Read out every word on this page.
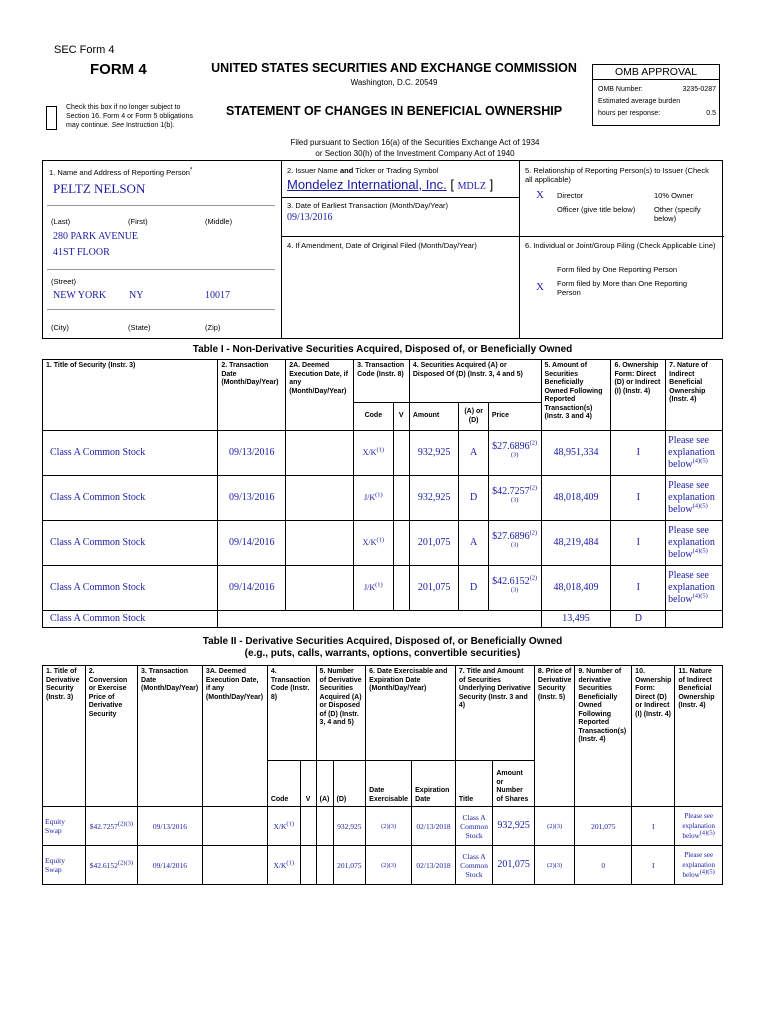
SEC Form 4
FORM 4	UNITED STATES SECURITIES AND EXCHANGE COMMISSION
Washington, D.C. 20549
Check this box if no longer subject to Section 16. Form 4 or Form 5 obligations may continue. See Instruction 1(b).
STATEMENT OF CHANGES IN BENEFICIAL OWNERSHIP
Filed pursuant to Section 16(a) of the Securities Exchange Act of 1934
or Section 30(h) of the Investment Company Act of 1940
OMB APPROVAL
OMB Number:	3235-0287
Estimated average burden
hours per response:	0.5
1. Name and Address of Reporting Person*
PELTZ NELSON
(Last)	(First)	(Middle)
280 PARK AVENUE
41ST FLOOR
(Street)
NEW YORK NY	10017
(City)	(State)	(Zip)
2. Issuer Name and Ticker or Trading Symbol
Mondelez International, Inc. [ MDLZ ]
3. Date of Earliest Transaction (Month/Day/Year)
09/13/2016
4. If Amendment, Date of Original Filed (Month/Day/Year)
5. Relationship of Reporting Person(s) to Issuer (Check all applicable)
X Director	10% Owner
Officer (give title below)	Other (specify below)
6. Individual or Joint/Group Filing (Check Applicable Line)
Form filed by One Reporting Person
X Form filed by More than One Reporting Person
Table I - Non-Derivative Securities Acquired, Disposed of, or Beneficially Owned
1. Title of Security (Instr. 3)	2. Transaction Date (Month/Day/Year)	2A. Deemed Execution Date, if any (Month/Day/Year)	3. Transaction Code (Instr. 8)		4. Securities Acquired (A) or Disposed Of (D) (Instr. 3, 4 and 5)			5. Amount of Securities Beneficially Owned Following Reported Transaction(s) (Instr. 3 and 4)	6. Ownership Form: Direct (D) or Indirect (I) (Instr. 4)	7. Nature of Indirect Beneficial Ownership (Instr. 4)
			Code	V	Amount	(A) or (D)	Price			
Class A Common Stock	09/13/2016		$X/K^{(1)}$		932,925	A	$\$27.6896^{(2)(3)}$	48,951,334	I	Please see explanation below$^{(4)(5)}$
Class A Common Stock	09/13/2016		$J/K^{(1)}$		932,925	D	$\$42.7257^{(2)(3)}$	48,018,409	I	Please see explanation below$^{(4)(5)}$
Class A Common Stock	09/14/2016		$X/K^{(1)}$		201,075	A	$\$27.6896^{(2)(3)}$	48,219,484	I	Please see explanation below$^{(4)(5)}$
Class A Common Stock	09/14/2016		$J/K^{(1)}$		201,075	D	$\$42.6152^{(2)(3)}$	48,018,409	I	Please see explanation below$^{(4)(5)}$
Class A Common Stock								13,495	D	
Table II - Derivative Securities Acquired, Disposed of, or Beneficially Owned
(e.g., puts, calls, warrants, options, convertible securities)
1. Title of Derivative Security (Instr. 3)	2. Conversion or Exercise Price of Derivative Security	3. Transaction Date (Month/Day/Year)	3A. Deemed Execution Date, if any (Month/Day/Year)	4. Transaction Code (Instr. 8)		5. Number of Derivative Securities Acquired (A) or Disposed of (D) (Instr. 3, 4 and 5)		6. Date Exercisable and Expiration Date (Month/Day/Year)		7. Title and Amount of Securities Underlying Derivative Security (Instr. 3 and 4)		8. Price of Derivative Security (Instr. 5)	9. Number of derivative Securities Beneficially Owned Following Reported Transaction(s) (Instr. 4)	10. Ownership Form: Direct (D) or Indirect (I) (Instr. 4)	11. Nature of Indirect Beneficial Ownership (Instr. 4)
				Code	V	(A)	(D)	Date Exercisable	Expiration Date	Title	Amount or Number of Shares				
Equity Swap	$42.7257(2)(3)	09/13/2016		X/K(1)			932,925	(2)(3)	02/13/2018	Class A Common Stock	932,925	(2)(3)	201,075	I	Please see explanation below(4)(5)
Equity Swap	$42.6152(2)(3)	09/14/2016		X/K(1)			201,075	(2)(3)	02/13/2018	Class A Common Stock	201,075	(2)(3)	0	I	Please see explanation below(4)(5)
